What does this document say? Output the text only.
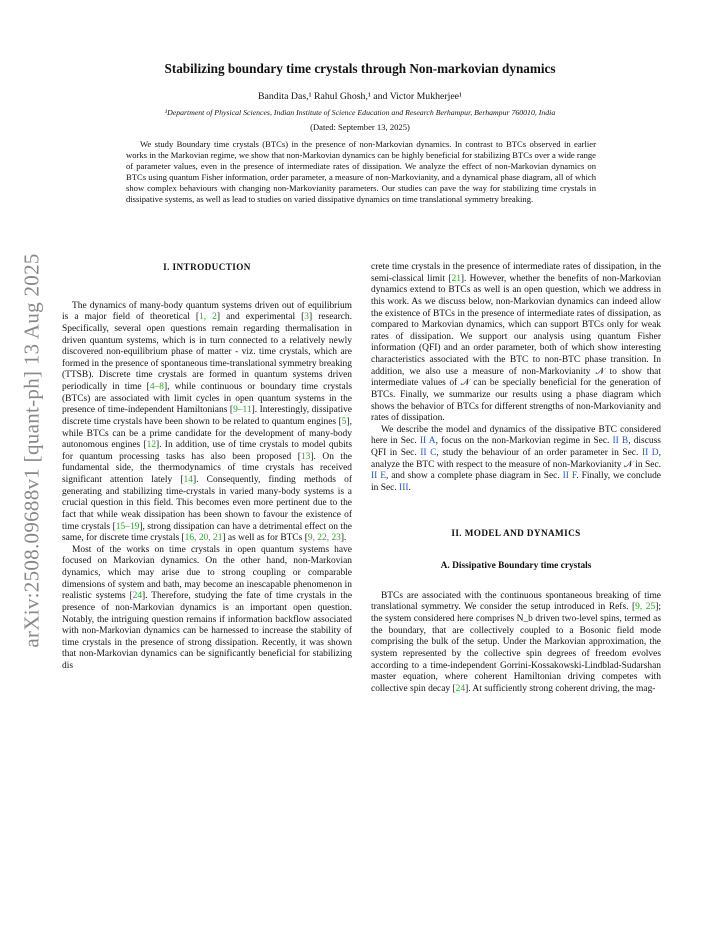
arXiv:2508.09688v1 [quant-ph] 13 Aug 2025
Stabilizing boundary time crystals through Non-markovian dynamics
Bandita Das,¹ Rahul Ghosh,¹ and Victor Mukherjee¹
¹Department of Physical Sciences, Indian Institute of Science Education and Research Berhampur, Berhampur 760010, India
(Dated: September 13, 2025)

We study Boundary time crystals (BTCs) in the presence of non-Markovian dynamics. In contrast to BTCs observed in earlier works in the Markovian regime, we show that non-Markovian dynamics can be highly beneficial for stabilizing BTCs over a wide range of parameter values, even in the presence of intermediate rates of dissipation. We analyze the effect of non-Markovian dynamics on BTCs using quantum Fisher information, order parameter, a measure of non-Markovianity, and a dynamical phase diagram, all of which show complex behaviours with changing non-Markovianity parameters. Our studies can pave the way for stabilizing time crystals in dissipative systems, as well as lead to studies on varied dissipative dynamics on time translational symmetry breaking.

I. INTRODUCTION

The dynamics of many-body quantum systems driven out of equilibrium is a major field of theoretical [1, 2] and experimental [3] research. Specifically, several open questions remain regarding thermalisation in driven quantum systems, which is in turn connected to a relatively newly discovered non-equilibrium phase of matter - viz. time crystals, which are formed in the presence of spontaneous time-translational symmetry breaking (TTSB). Discrete time crystals are formed in quantum systems driven periodically in time [4–8], while continuous or boundary time crystals (BTCs) are associated with limit cycles in open quantum systems in the presence of time-independent Hamiltonians [9–11]. Interestingly, dissipative discrete time crystals have been shown to be related to quantum engines [5], while BTCs can be a prime candidate for the development of many-body autonomous engines [12]. In addition, use of time crystals to model qubits for quantum processing tasks has also been proposed [13]. On the fundamental side, the thermodynamics of time crystals has received significant attention lately [14]. Consequently, finding methods of generating and stabilizing time-crystals in varied many-body systems is a crucial question in this field. This becomes even more pertinent due to the fact that while weak dissipation has been shown to favour the existence of time crystals [15–19], strong dissipation can have a detrimental effect on the same, for discrete time crystals [16, 20, 21] as well as for BTCs [9, 22, 23].

Most of the works on time crystals in open quantum systems have focused on Markovian dynamics. On the other hand, non-Markovian dynamics, which may arise due to strong coupling or comparable dimensions of system and bath, may become an inescapable phenomenon in realistic systems [24]. Therefore, studying the fate of time crystals in the presence of non-Markovian dynamics is an important open question. Notably, the intriguing question remains if information backflow associated with non-Markovian dynamics can be harnessed to increase the stability of time crystals in the presence of strong dissipation. Recently, it was shown that non-Markovian dynamics can be significantly beneficial for stabilizing dis

crete time crystals in the presence of intermediate rates of dissipation, in the semi-classical limit [21]. However, whether the benefits of non-Markovian dynamics extend to BTCs as well is an open question, which we address in this work. As we discuss below, non-Markovian dynamics can indeed allow the existence of BTCs in the presence of intermediate rates of dissipation, as compared to Markovian dynamics, which can support BTCs only for weak rates of dissipation. We support our analysis using quantum Fisher information (QFI) and an order parameter, both of which show interesting characteristics associated with the BTC to non-BTC phase transition. In addition, we also use a measure of non-Markovianity 𝒩 to show that intermediate values of 𝒩 can be specially beneficial for the generation of BTCs. Finally, we summarize our results using a phase diagram which shows the behavior of BTCs for different strengths of non-Markovianity and rates of dissipation.

We describe the model and dynamics of the dissipative BTC considered here in Sec. II A, focus on the non-Markovian regime in Sec. II B, discuss QFI in Sec. II C, study the behaviour of an order parameter in Sec. II D, analyze the BTC with respect to the measure of non-Markovianity 𝒩 in Sec. II E, and show a complete phase diagram in Sec. II F. Finally, we conclude in Sec. III.

II. MODEL AND DYNAMICS
A. Dissipative Boundary time crystals

BTCs are associated with the continuous spontaneous breaking of time translational symmetry. We consider the setup introduced in Refs. [9, 25]; the system considered here comprises N_b driven two-level spins, termed as the boundary, that are collectively coupled to a Bosonic field mode comprising the bulk of the setup. Under the Markovian approximation, the system represented by the collective spin degrees of freedom evolves according to a time-independent Gorrini-Kossakowski-Lindblad-Sudarshan master equation, where coherent Hamiltonian driving competes with collective spin decay [24]. At sufficiently strong coherent driving, the mag-
